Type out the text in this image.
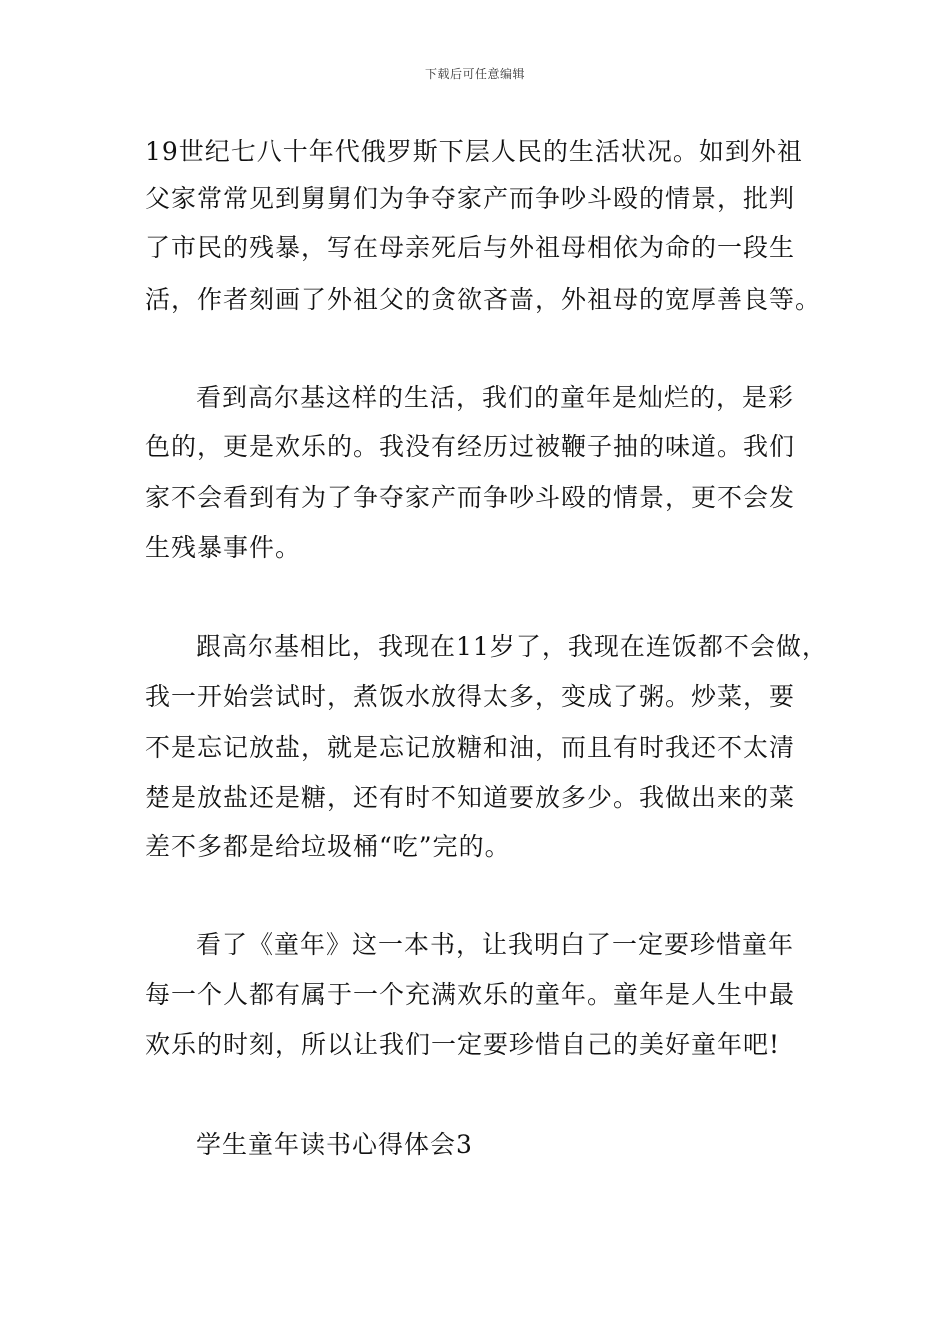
下载后可任意编辑
19世纪七八十年代俄罗斯下层人民的生活状况。如到外祖
父家常常见到舅舅们为争夺家产而争吵斗殴的情景，批判
了市民的残暴，写在母亲死后与外祖母相依为命的一段生
活，作者刻画了外祖父的贪欲吝啬，外祖母的宽厚善良等。
看到高尔基这样的生活，我们的童年是灿烂的，是彩
色的，更是欢乐的。我没有经历过被鞭子抽的味道。我们
家不会看到有为了争夺家产而争吵斗殴的情景，更不会发
生残暴事件。
跟高尔基相比，我现在11岁了，我现在连饭都不会做，
我一开始尝试时，煮饭水放得太多，变成了粥。炒菜，要
不是忘记放盐，就是忘记放糖和油，而且有时我还不太清
楚是放盐还是糖，还有时不知道要放多少。我做出来的菜
差不多都是给垃圾桶“吃”完的。
看了《童年》这一本书，让我明白了一定要珍惜童年
每一个人都有属于一个充满欢乐的童年。童年是人生中最
欢乐的时刻，所以让我们一定要珍惜自己的美好童年吧!
学生童年读书心得体会3
